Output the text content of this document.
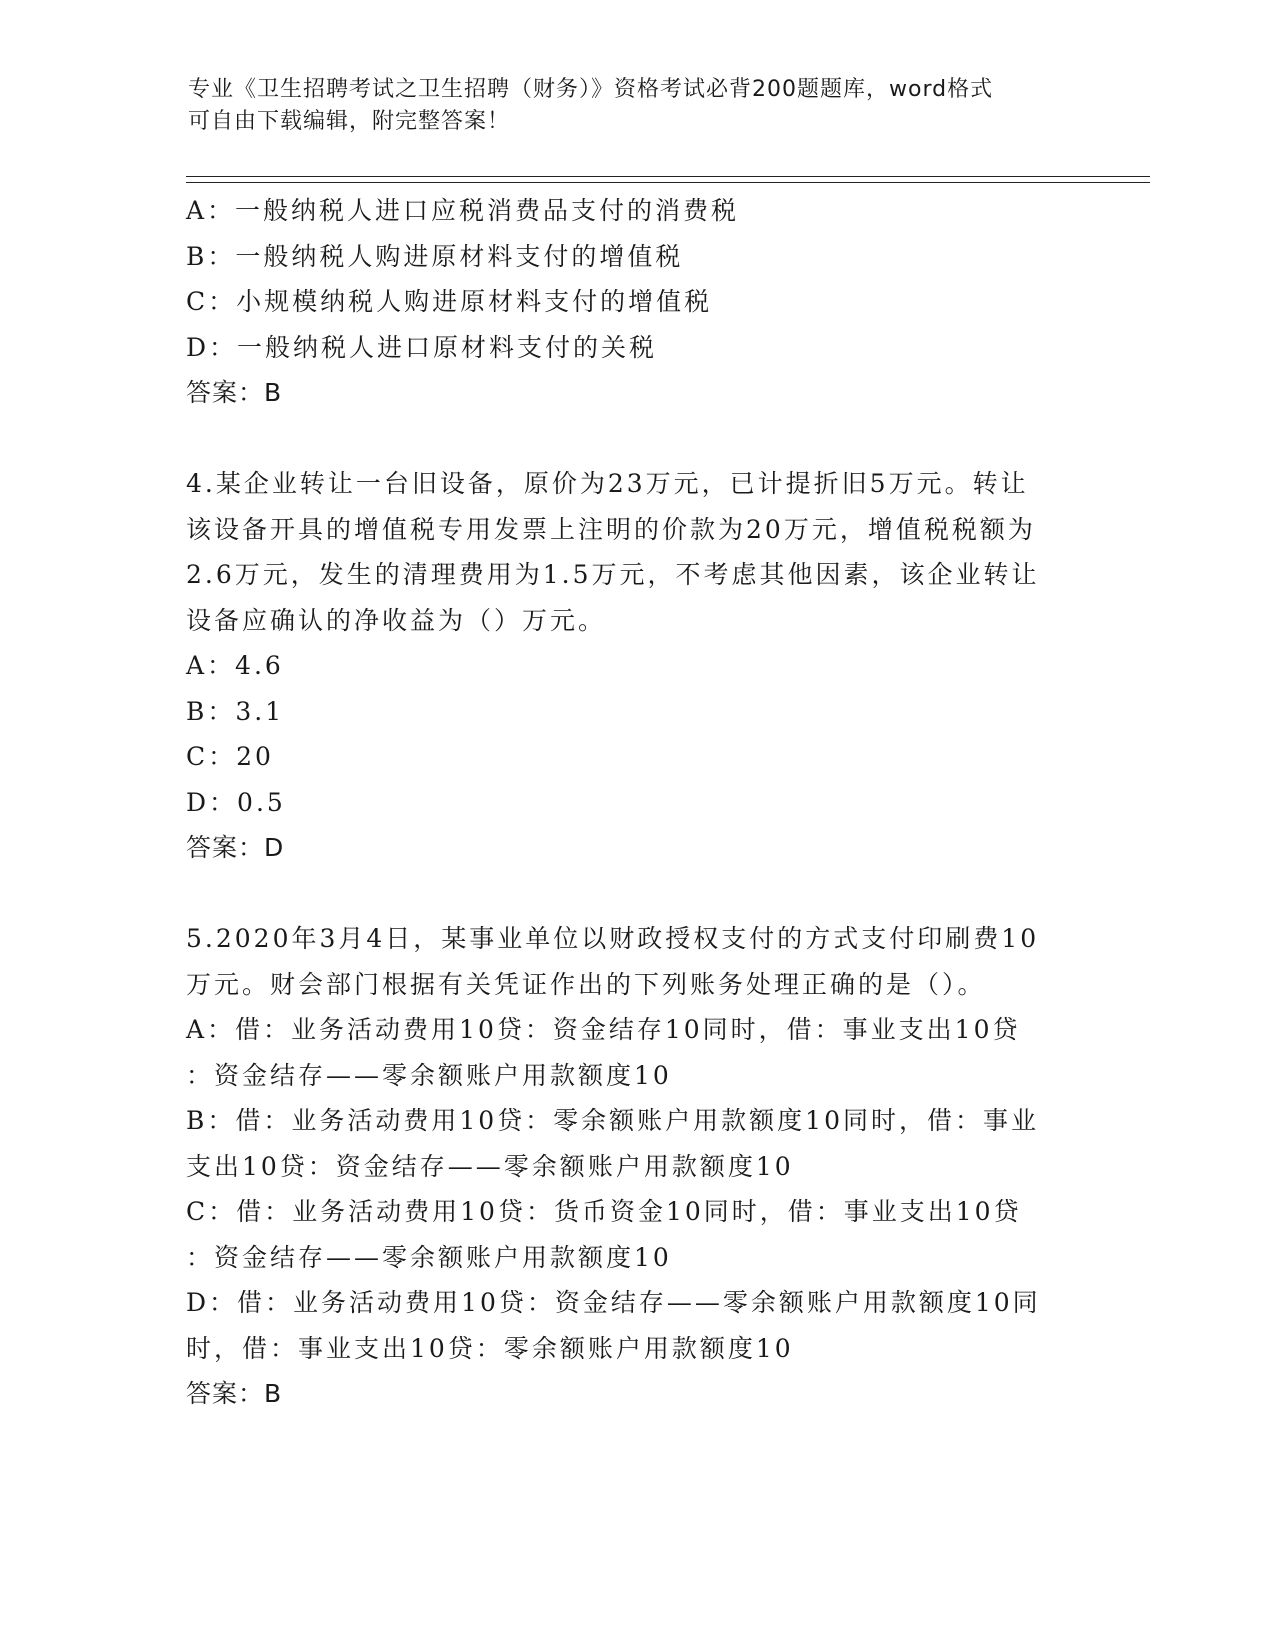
专业《卫生招聘考试之卫生招聘（财务）》资格考试必背200题题库，word格式
可自由下载编辑，附完整答案！
A：一般纳税人进口应税消费品支付的消费税
B：一般纳税人购进原材料支付的增值税
C：小规模纳税人购进原材料支付的增值税
D：一般纳税人进口原材料支付的关税
答案：B
4.某企业转让一台旧设备，原价为23万元，已计提折旧5万元。转让
该设备开具的增值税专用发票上注明的价款为20万元，增值税税额为
2.6万元，发生的清理费用为1.5万元，不考虑其他因素，该企业转让
设备应确认的净收益为（）万元。
A：4.6
B：3.1
C：20
D：0.5
答案：D
5.2020年3月4日，某事业单位以财政授权支付的方式支付印刷费10
万元。财会部门根据有关凭证作出的下列账务处理正确的是（）。
A：借：业务活动费用10贷：资金结存10同时，借：事业支出10贷
：资金结存——零余额账户用款额度10
B：借：业务活动费用10贷：零余额账户用款额度10同时，借：事业
支出10贷：资金结存——零余额账户用款额度10
C：借：业务活动费用10贷：货币资金10同时，借：事业支出10贷
：资金结存——零余额账户用款额度10
D：借：业务活动费用10贷：资金结存——零余额账户用款额度10同
时，借：事业支出10贷：零余额账户用款额度10
答案：B
